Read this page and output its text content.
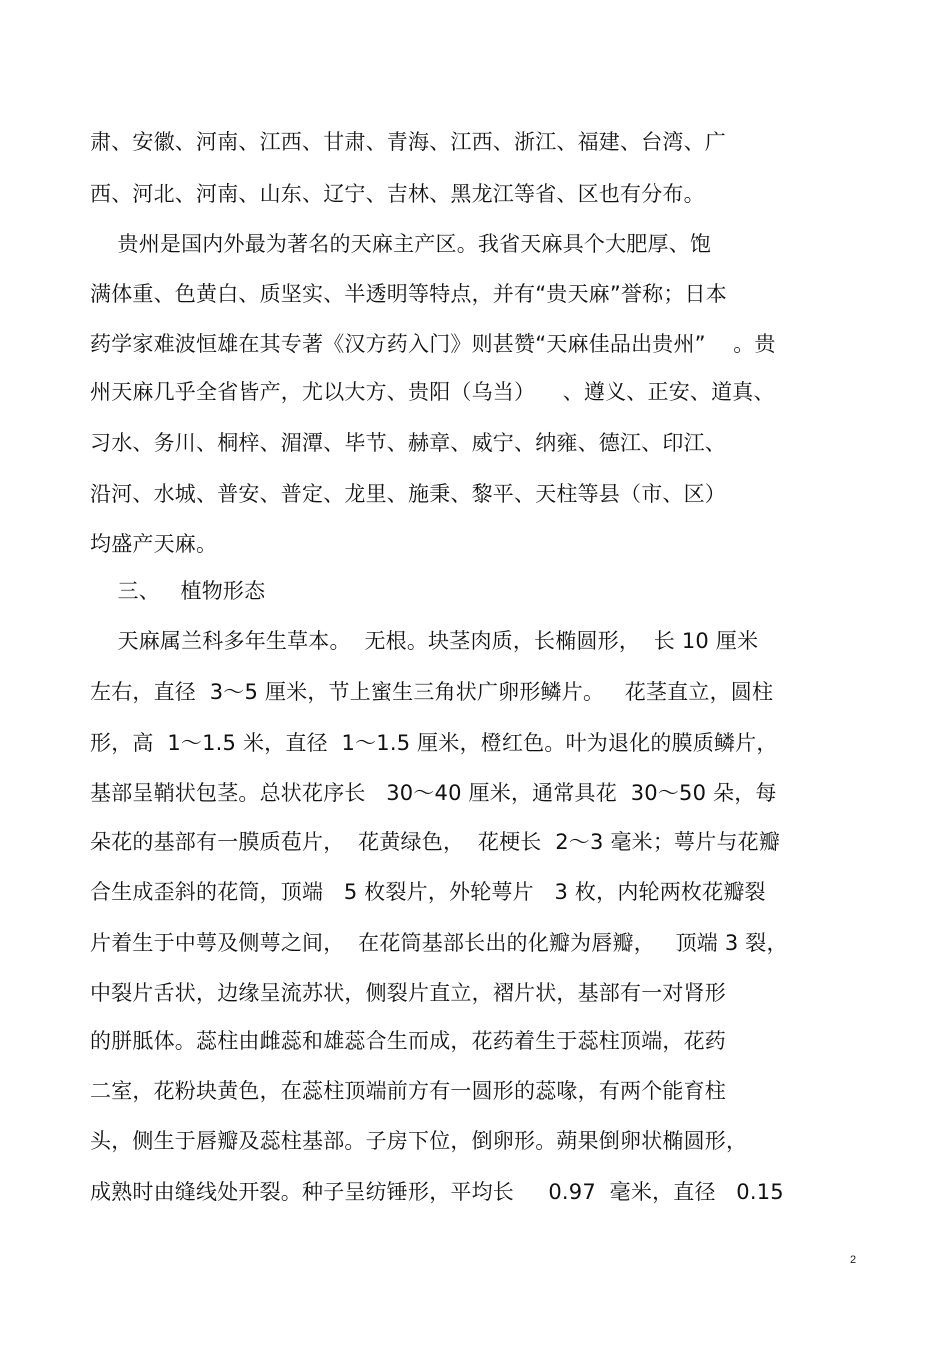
肃、安徽、河南、江西、甘肃、青海、江西、浙江、福建、台湾、广
西、河北、河南、山东、辽宁、吉林、黑龙江等省、区也有分布。
贵州是国内外最为著名的天麻主产区。我省天麻具个大肥厚、饱
满体重、色黄白、质坚实、半透明等特点，并有“贵天麻”誉称；日本
药学家难波恒雄在其专著《汉方药入门》则甚赞“天麻佳品出贵州”    。贵
州天麻几乎全省皆产，尤以大方、贵阳（乌当）    、遵义、正安、道真、
习水、务川、桐梓、湄潭、毕节、赫章、威宁、纳雍、德江、印江、
沿河、水城、普安、普定、龙里、施秉、黎平、天柱等县（市、区）
均盛产天麻。
三、   植物形态
天麻属兰科多年生草本。  无根。块茎肉质，长椭圆形，  长 10 厘米
左右，直径  3～5 厘米，节上蜜生三角状广卵形鳞片。   花茎直立，圆柱
形，高  1～1.5 米，直径  1～1.5 厘米，橙红色。叶为退化的膜质鳞片，
基部呈鞘状包茎。总状花序长   30～40 厘米，通常具花  30～50 朵，每
朵花的基部有一膜质苞片，  花黄绿色，  花梗长  2～3 毫米；萼片与花瓣
合生成歪斜的花筒，顶端   5 枚裂片，外轮萼片   3 枚，内轮两枚花瓣裂
片着生于中萼及侧萼之间，  在花筒基部长出的化瓣为唇瓣，   顶端 3 裂，
中裂片舌状，边缘呈流苏状，侧裂片直立，褶片状，基部有一对肾形
的胼胝体。蕊柱由雌蕊和雄蕊合生而成，花药着生于蕊柱顶端，花药
二室，花粉块黄色，在蕊柱顶端前方有一圆形的蕊喙，有两个能育柱
头，侧生于唇瓣及蕊柱基部。子房下位，倒卵形。蒴果倒卵状椭圆形，
成熟时由缝线处开裂。种子呈纺锤形，平均长     0.97  毫米，直径   0.15
2
